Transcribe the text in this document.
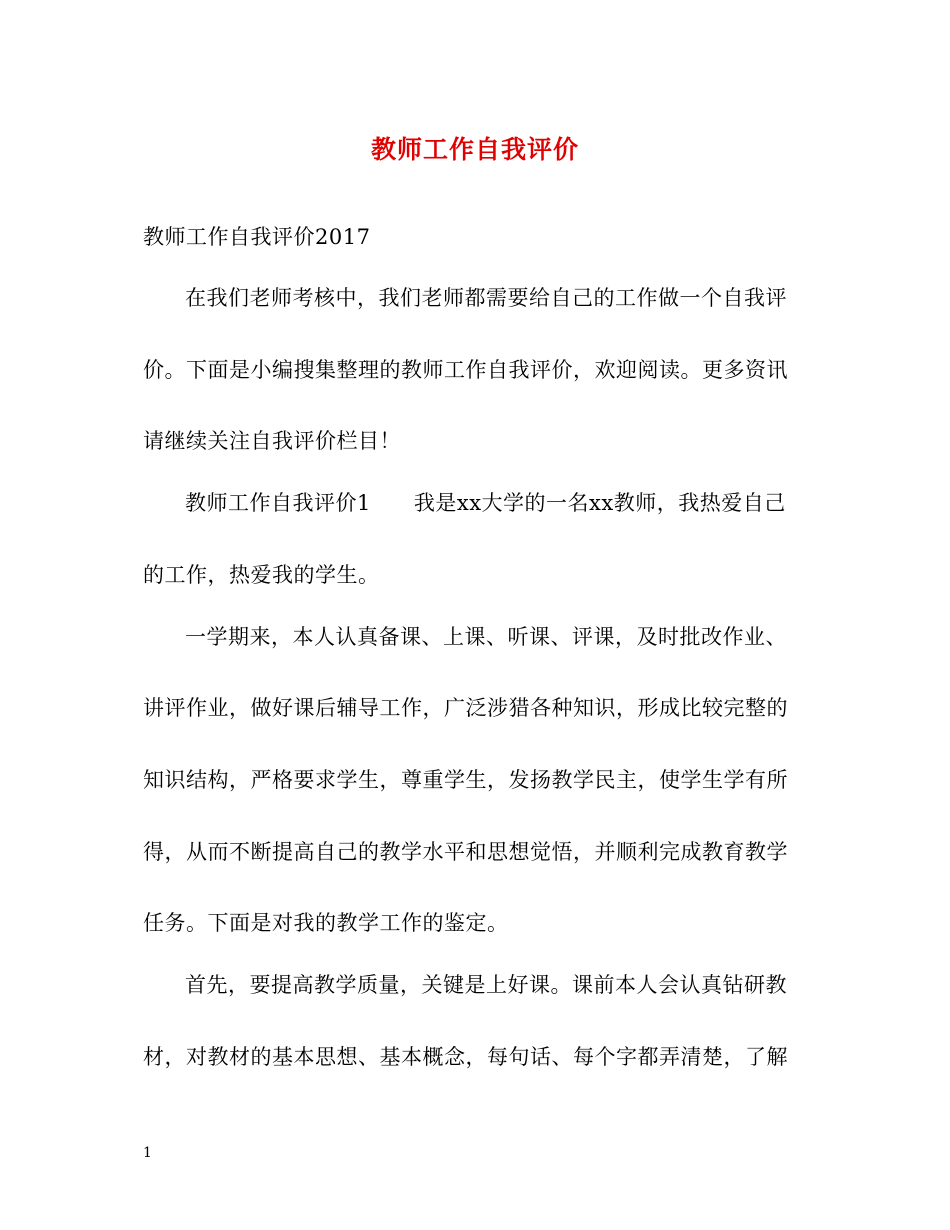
教师工作自我评价
教师工作自我评价2017
在我们老师考核中，我们老师都需要给自己的工作做一个自我评
价。下面是小编搜集整理的教师工作自我评价，欢迎阅读。更多资讯
请继续关注自我评价栏目！
教师工作自我评价1　　我是xx大学的一名xx教师，我热爱自己
的工作，热爱我的学生。
一学期来，本人认真备课、上课、听课、评课，及时批改作业、
讲评作业，做好课后辅导工作，广泛涉猎各种知识，形成比较完整的
知识结构，严格要求学生，尊重学生，发扬教学民主，使学生学有所
得，从而不断提高自己的教学水平和思想觉悟，并顺利完成教育教学
任务。下面是对我的教学工作的鉴定。
首先，要提高教学质量，关键是上好课。课前本人会认真钻研教
材，对教材的基本思想、基本概念，每句话、每个字都弄清楚，了解
1
